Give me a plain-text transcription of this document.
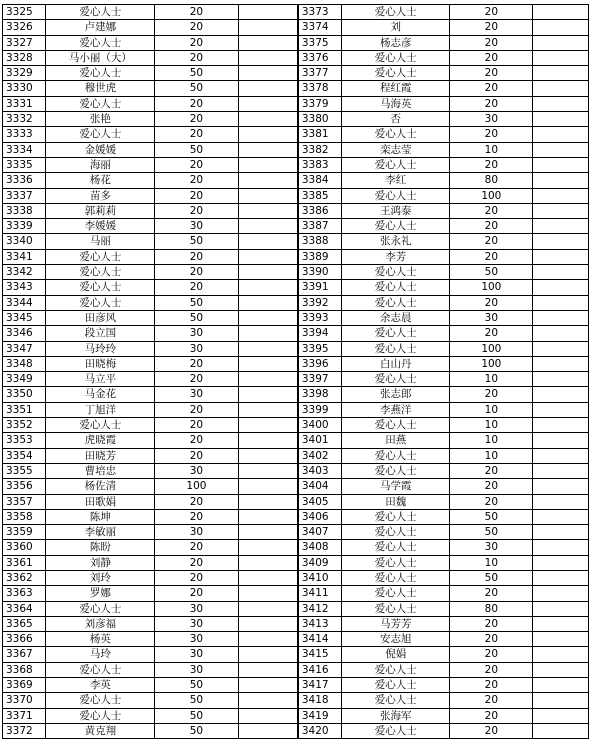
3325	爱心人士	20			3373	爱心人士	20	
3326	卢建娜	20			3374	刘	20	
3327	爱心人士	20			3375	杨志彦	20	
3328	马小丽（大）	20			3376	爱心人士	20	
3329	爱心人士	50			3377	爱心人士	20	
3330	穆世虎	50			3378	程红霞	20	
3331	爱心人士	20			3379	马海英	20	
3332	张艳	20			3380	否	30	
3333	爱心人士	20			3381	爱心人士	20	
3334	金媛媛	50			3382	栾志莹	10	
3335	海丽	20			3383	爱心人士	20	
3336	杨花	20			3384	李红	80	
3337	苗多	20			3385	爱心人士	100	
3338	郭莉莉	20			3386	王鸿泰	20	
3339	李媛媛	30			3387	爱心人士	20	
3340	马丽	50			3388	张永礼	20	
3341	爱心人士	20			3389	李芳	20	
3342	爱心人士	20			3390	爱心人士	50	
3343	爱心人士	20			3391	爱心人士	100	
3344	爱心人士	50			3392	爱心人士	20	
3345	田彦风	50			3393	余志晨	30	
3346	段立国	30			3394	爱心人士	20	
3347	马玲玲	30			3395	爱心人士	100	
3348	田晓梅	20			3396	白山丹	100	
3349	马立平	20			3397	爱心人士	10	
3350	马金花	30			3398	张志郎	20	
3351	丁旭洋	20			3399	李燕洋	10	
3352	爱心人士	20			3400	爱心人士	10	
3353	虎晓霞	20			3401	田燕	10	
3354	田晓芳	20			3402	爱心人士	10	
3355	曹培忠	30			3403	爱心人士	20	
3356	杨佐清	100			3404	马学霞	20	
3357	田歌娟	20			3405	田魏	20	
3358	陈坤	20			3406	爱心人士	50	
3359	李敏丽	30			3407	爱心人士	50	
3360	陈盼	20			3408	爱心人士	30	
3361	刘静	20			3409	爱心人士	10	
3362	刘玲	20			3410	爱心人士	50	
3363	罗娜	20			3411	爱心人士	20	
3364	爱心人士	30			3412	爱心人士	80	
3365	刘彦福	30			3413	马芳芳	20	
3366	杨英	30			3414	安志旭	20	
3367	马玲	30			3415	倪娟	20	
3368	爱心人士	30			3416	爱心人士	20	
3369	李英	50			3417	爱心人士	20	
3370	爱心人士	50			3418	爱心人士	20	
3371	爱心人士	50			3419	张海军	20	
3372	黄克翔	50			3420	爱心人士	20	
